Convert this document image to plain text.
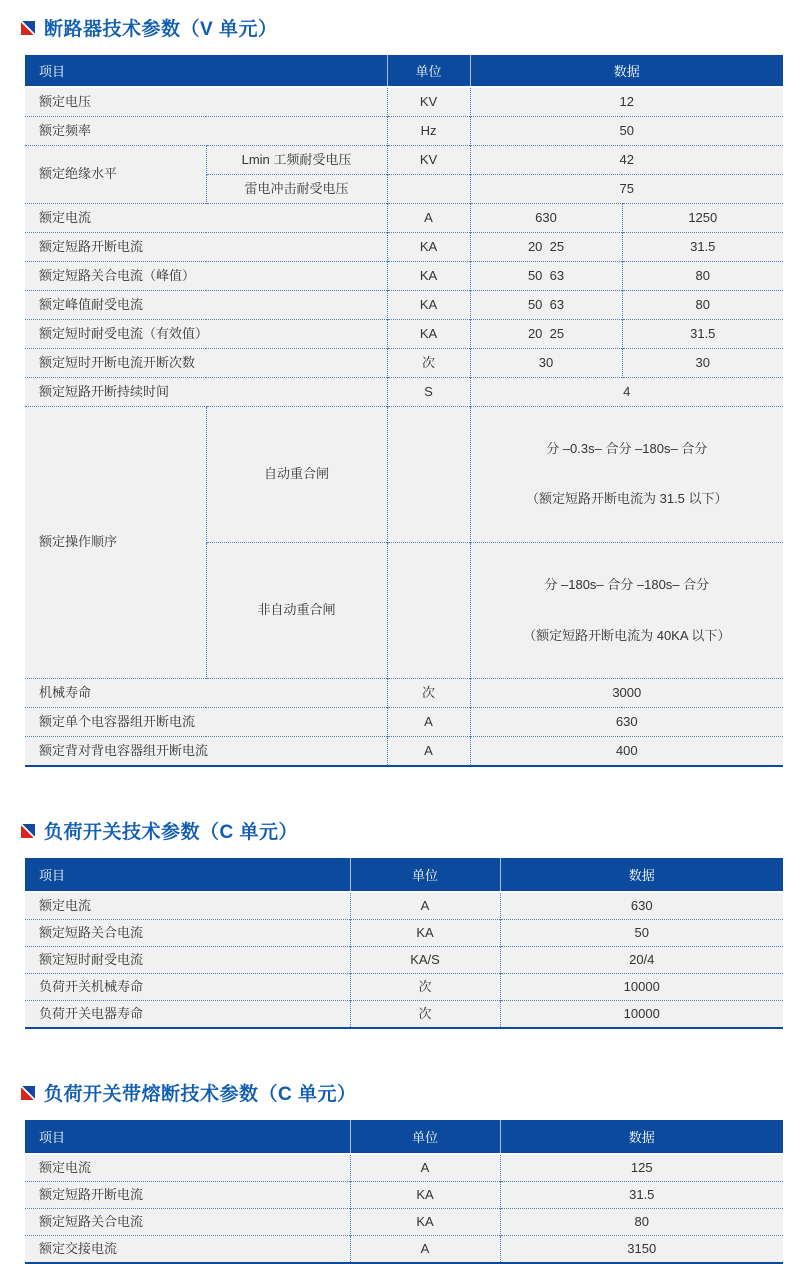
断路器技术参数（V 单元）
项目		单位	数据	
额定电压		KV	12	
额定频率		Hz	50	
额定绝缘水平	Lmin 工频耐受电压	KV	42	
	雷电冲击耐受电压		75	
额定电流		A	630	1250
额定短路开断电流		KA	20  25	31.5
额定短路关合电流（峰值）		KA	50  63	80
额定峰值耐受电流		KA	50  63	80
额定短时耐受电流（有效值）		KA	20  25	31.5
额定短时开断电流开断次数		次	30	30
额定短路开断持续时间		S	4	
额定操作顺序	自动重合闸		分 –0.3s– 合分 –180s– 合分

（额定短路开断电流为 31.5 以下）	

	非自动重合闸		分 –180s– 合分 –180s– 合分

（额定短路开断电流为 40KA 以下）	

机械寿命		次	3000	
额定单个电容器组开断电流		A	630	
额定背对背电容器组开断电流		A	400	
负荷开关技术参数（C 单元）
项目	单位	数据
额定电流	A	630
额定短路关合电流	KA	50
额定短时耐受电流	KA/S	20/4
负荷开关机械寿命	次	10000
负荷开关电器寿命	次	10000
负荷开关带熔断技术参数（C 单元）
项目	单位	数据
额定电流	A	125
额定短路开断电流	KA	31.5
额定短路关合电流	KA	80
额定交接电流	A	3150
